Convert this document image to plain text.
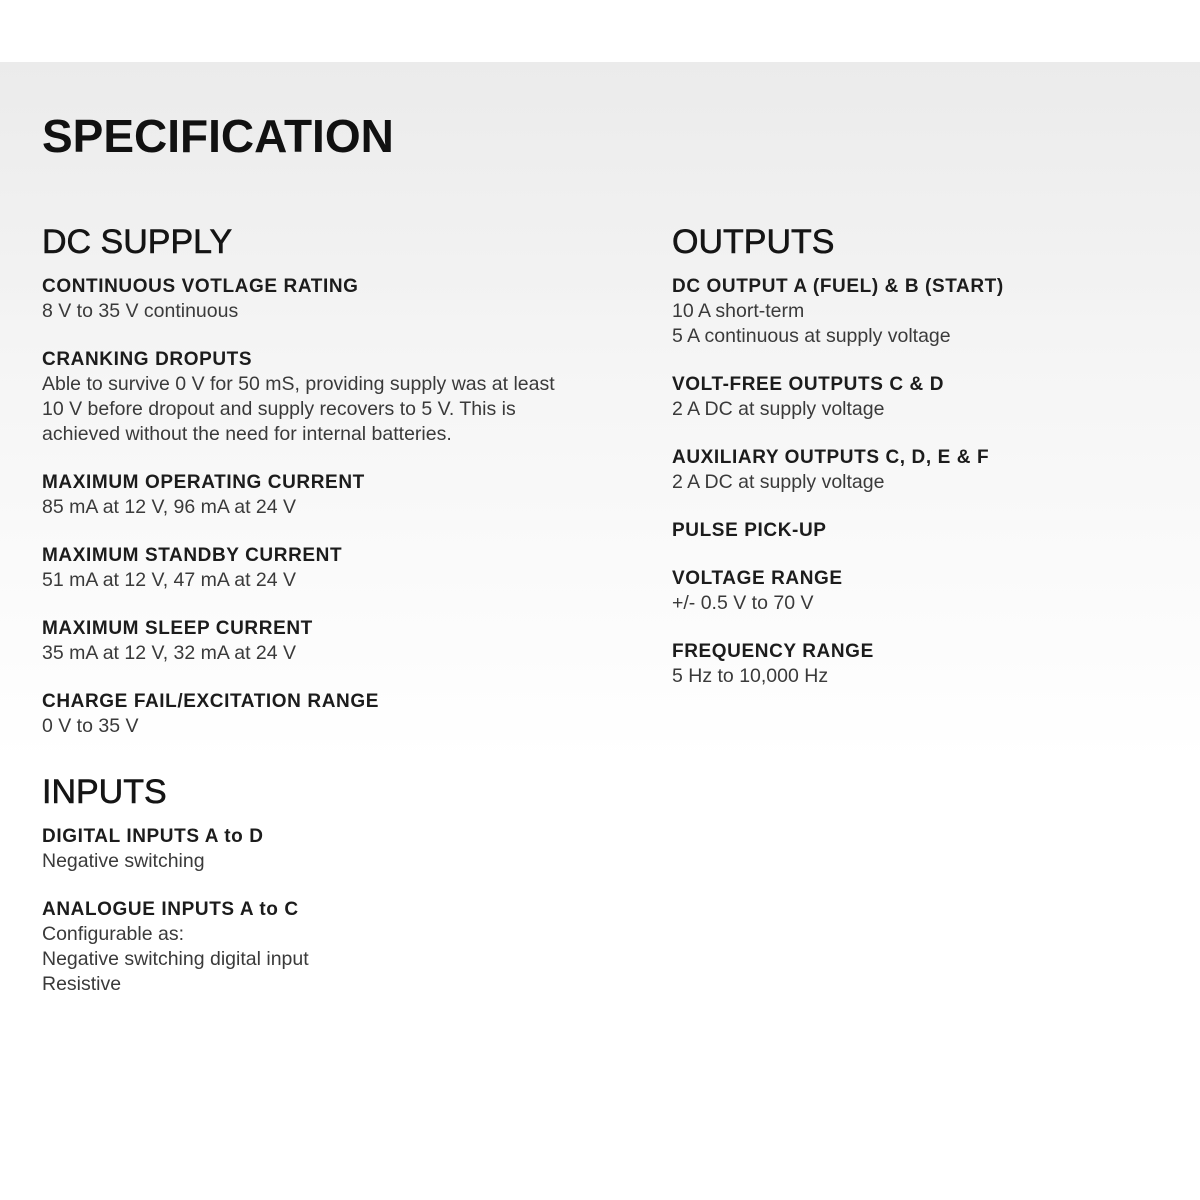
SPECIFICATION
DC SUPPLY
CONTINUOUS VOTLAGE RATING
8 V to 35 V continuous
CRANKING DROPUTS
Able to survive 0 V for 50 mS, providing supply was at least
10 V before dropout and supply recovers to 5 V. This is
achieved without the need for internal batteries.
MAXIMUM OPERATING CURRENT
85 mA at 12 V, 96 mA at 24 V
MAXIMUM STANDBY CURRENT
51 mA at 12 V, 47 mA at 24 V
MAXIMUM SLEEP CURRENT
35 mA at 12 V, 32 mA at 24 V
CHARGE FAIL/EXCITATION RANGE
0 V to 35 V
INPUTS
DIGITAL INPUTS A to D
Negative switching
ANALOGUE INPUTS A to C
Configurable as:
Negative switching digital input
Resistive
OUTPUTS
DC OUTPUT A (FUEL) & B (START)
10 A short-term
5 A continuous at supply voltage
VOLT-FREE OUTPUTS C & D
2 A DC at supply voltage
AUXILIARY OUTPUTS C, D, E & F
2 A DC at supply voltage
PULSE PICK-UP
VOLTAGE RANGE
+/- 0.5 V to 70 V
FREQUENCY RANGE
5 Hz to 10,000 Hz
